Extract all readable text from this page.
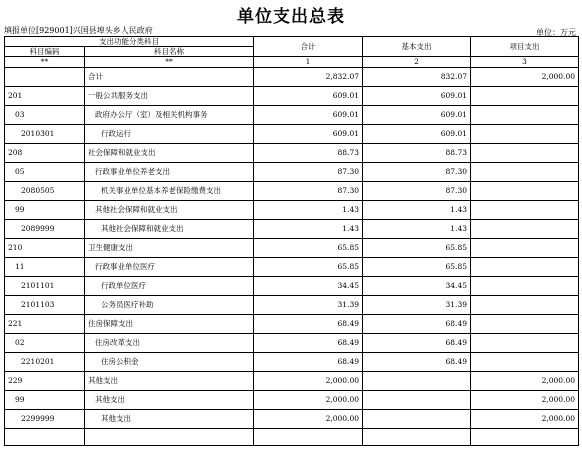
单位支出总表
填报单位[929001]兴国县埠头乡人民政府	单位：万元
支出功能分类科目		合计	基本支出	项目支出
科目编码	科目名称			
**	**	1	2	3
	合计	2,832.07	832.07	2,000.00
201	一般公共服务支出	609.01	609.01	
03	政府办公厅（室）及相关机构事务	609.01	609.01	
2010301	行政运行	609.01	609.01	
208	社会保障和就业支出	88.73	88.73	
05	行政事业单位养老支出	87.30	87.30	
2080505	机关事业单位基本养老保险缴费支出	87.30	87.30	
99	其他社会保障和就业支出	1.43	1.43	
2089999	其他社会保障和就业支出	1.43	1.43	
210	卫生健康支出	65.85	65.85	
11	行政事业单位医疗	65.85	65.85	
2101101	行政单位医疗	34.45	34.45	
2101103	公务员医疗补助	31.39	31.39	
221	住房保障支出	68.49	68.49	
02	住房改革支出	68.49	68.49	
2210201	住房公积金	68.49	68.49	
229	其他支出	2,000.00		2,000.00
99	其他支出	2,000.00		2,000.00
2299999	其他支出	2,000.00		2,000.00
